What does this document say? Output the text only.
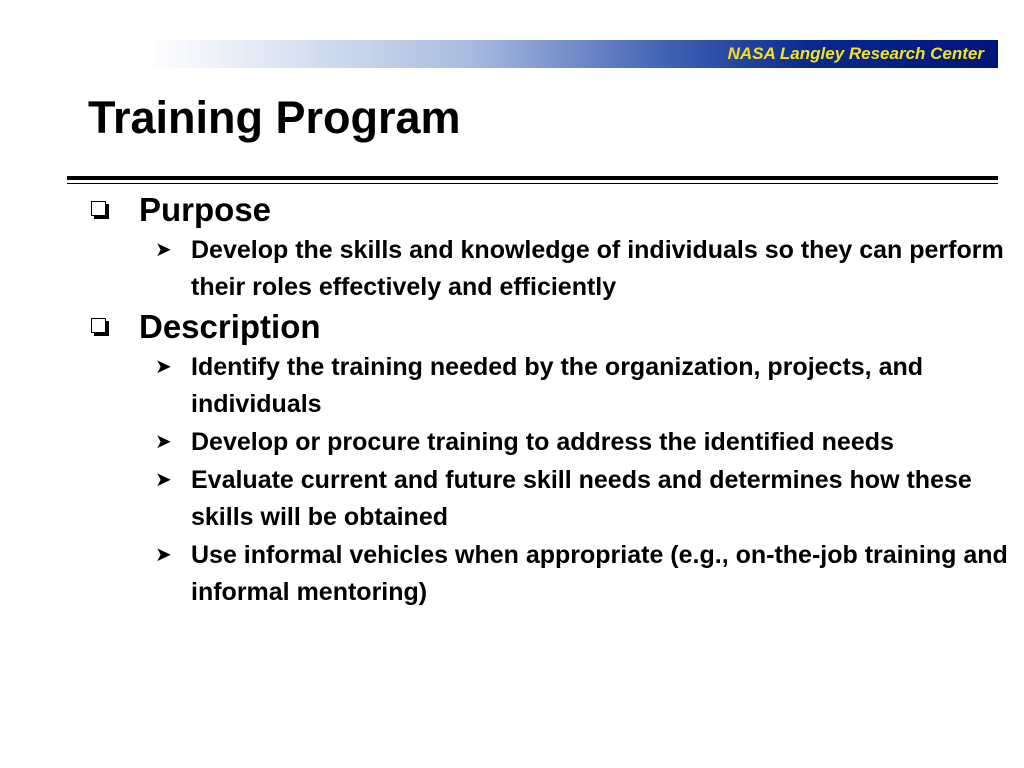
NASA Langley Research Center
Training Program
Purpose
➤ Develop the skills and knowledge of individuals so they can perform their roles effectively and efficiently
Description
➤ Identify the training needed by the organization, projects, and individuals
➤ Develop or procure training to address the identified needs
➤ Evaluate current and future skill needs and determines how these skills will be obtained
➤ Use informal vehicles when appropriate (e.g., on-the-job training and informal mentoring)
